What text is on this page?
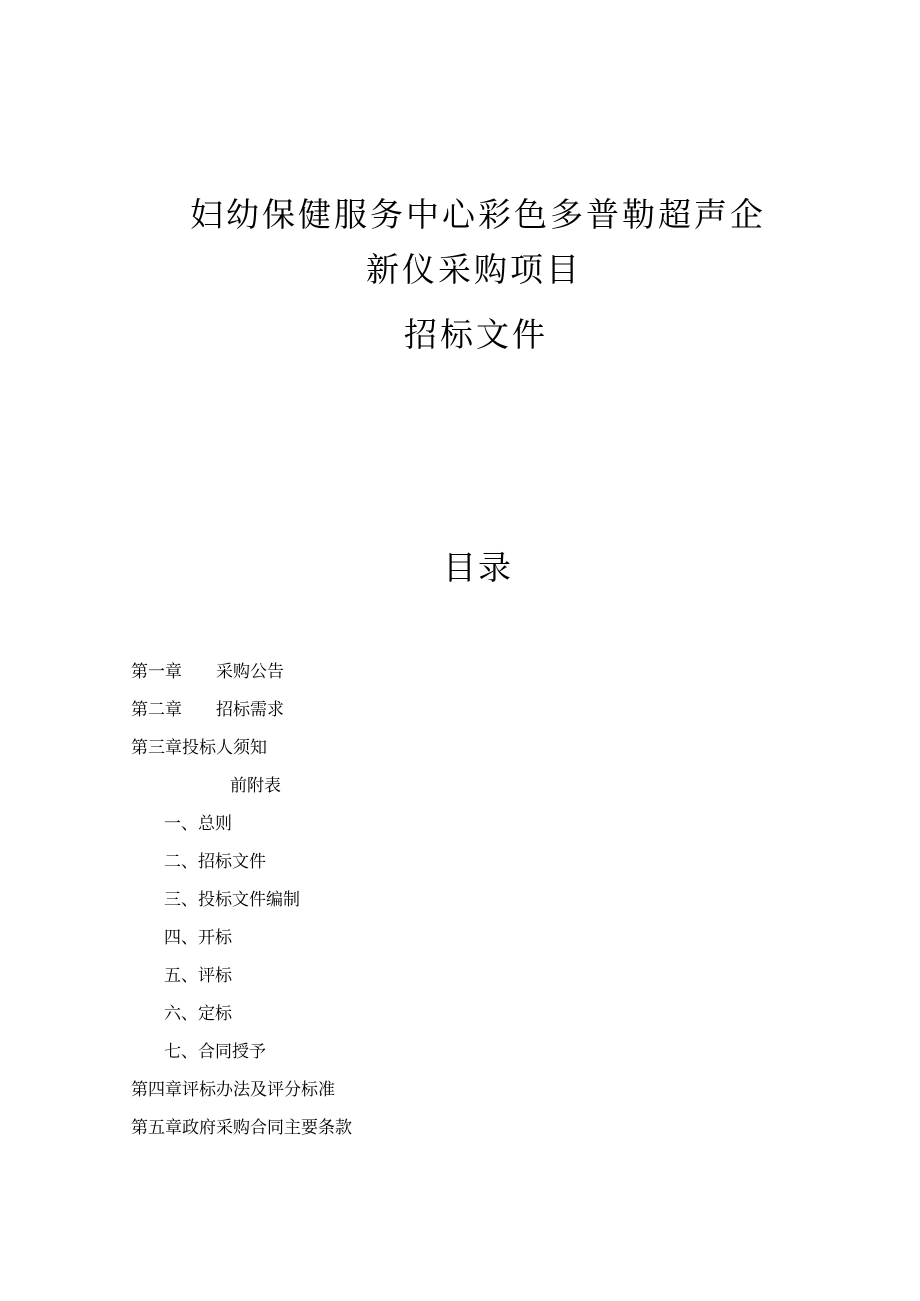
妇幼保健服务中心彩色多普勒超声企
新仪采购项目
招标文件
目录
第一章 采购公告
第二章 招标需求
第三章投标人须知
前附表
一、总则
二、招标文件
三、投标文件编制
四、开标
五、评标
六、定标
七、合同授予
第四章评标办法及评分标准
第五章政府采购合同主要条款
